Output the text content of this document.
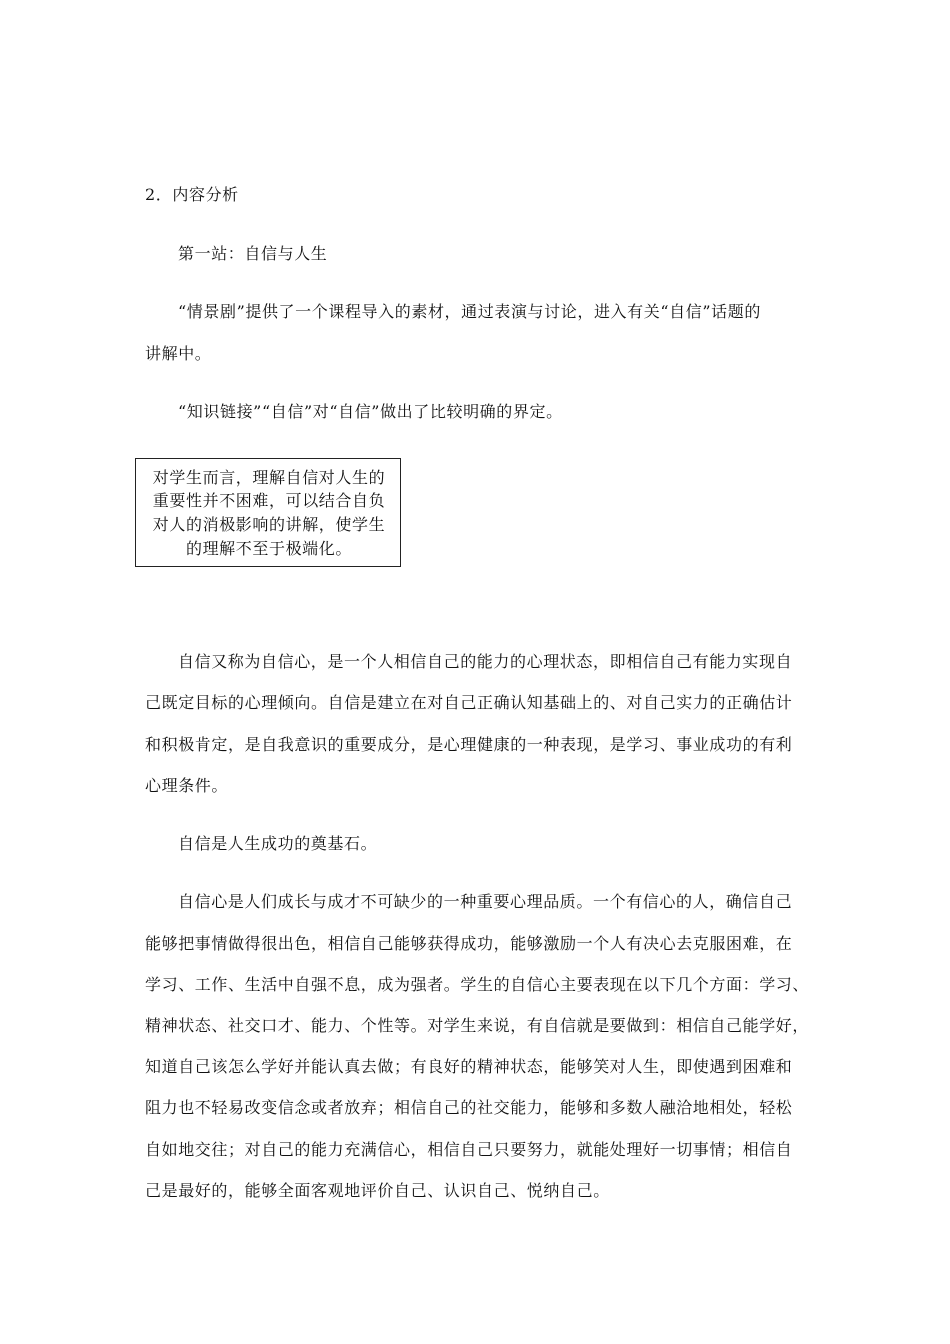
2．内容分析
第一站：自信与人生
“情景剧”提供了一个课程导入的素材，通过表演与讨论，进入有关“自信”话题的
讲解中。
“知识链接”“自信”对“自信”做出了比较明确的界定。
对学生而言，理解自信对人生的
重要性并不困难，可以结合自负
对人的消极影响的讲解，使学生
的理解不至于极端化。
自信又称为自信心，是一个人相信自己的能力的心理状态，即相信自己有能力实现自
己既定目标的心理倾向。自信是建立在对自己正确认知基础上的、对自己实力的正确估计
和积极肯定，是自我意识的重要成分，是心理健康的一种表现，是学习、事业成功的有利
心理条件。
自信是人生成功的奠基石。
自信心是人们成长与成才不可缺少的一种重要心理品质。一个有信心的人，确信自己
能够把事情做得很出色，相信自己能够获得成功，能够激励一个人有决心去克服困难，在
学习、工作、生活中自强不息，成为强者。学生的自信心主要表现在以下几个方面：学习、
精神状态、社交口才、能力、个性等。对学生来说，有自信就是要做到：相信自己能学好，
知道自己该怎么学好并能认真去做；有良好的精神状态，能够笑对人生，即使遇到困难和
阻力也不轻易改变信念或者放弃；相信自己的社交能力，能够和多数人融洽地相处，轻松
自如地交往；对自己的能力充满信心，相信自己只要努力，就能处理好一切事情；相信自
己是最好的，能够全面客观地评价自己、认识自己、悦纳自己。
